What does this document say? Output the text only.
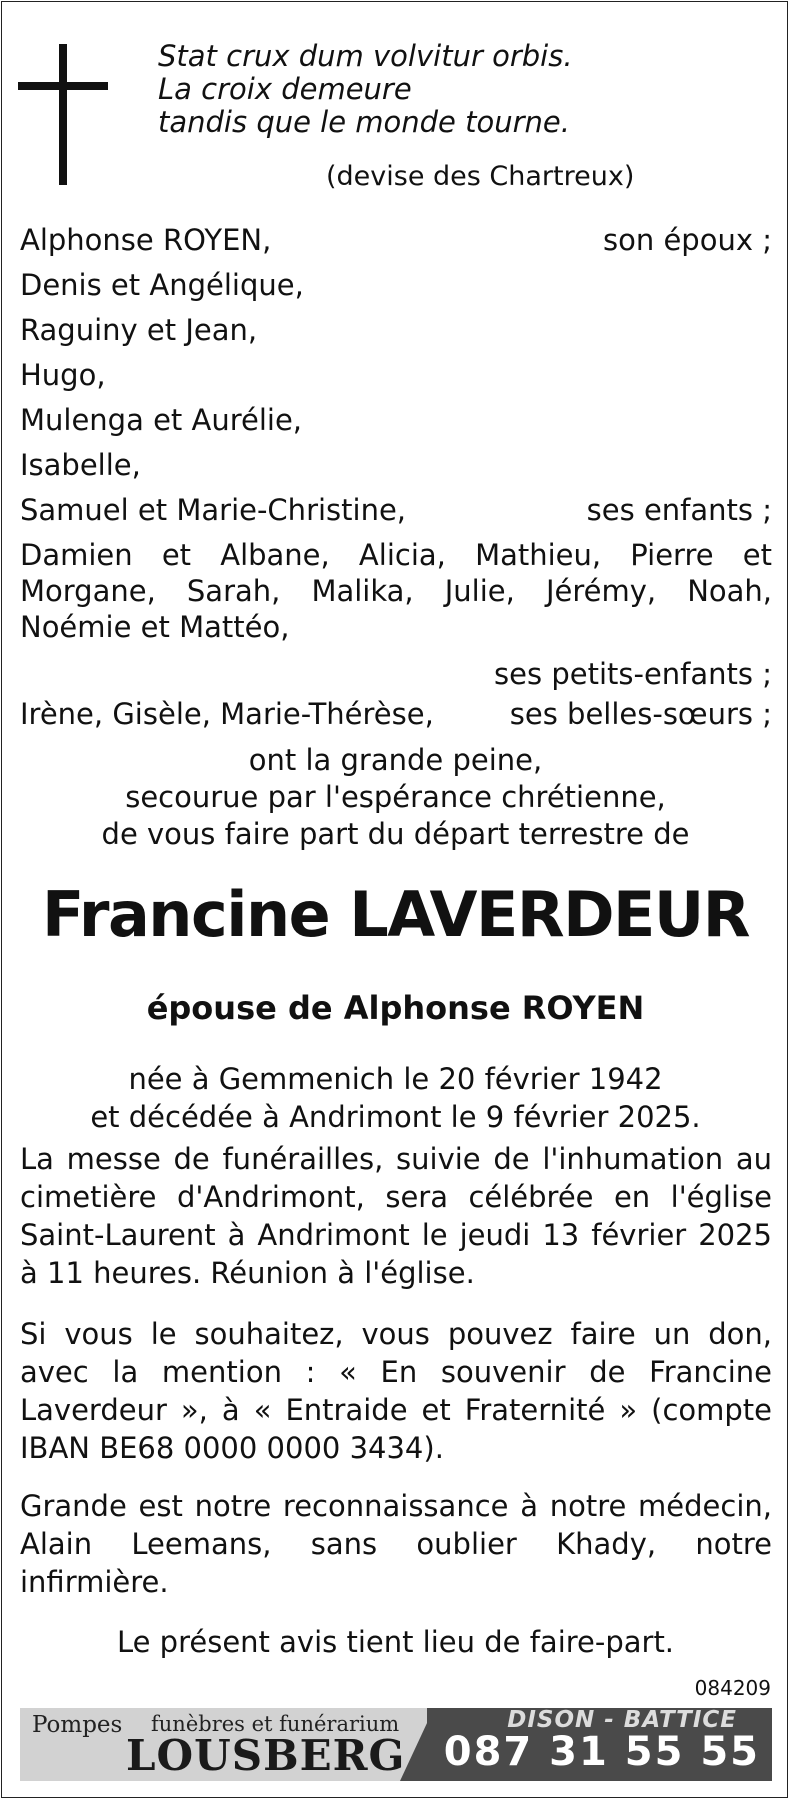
Stat crux dum volvitur orbis.
La croix demeure
tandis que le monde tourne.
(devise des Chartreux)
Alphonse ROYEN,	son époux ;
Denis et Angélique,
Raguiny et Jean,
Hugo,
Mulenga et Aurélie,
Isabelle,
Samuel et Marie-Christine,	ses enfants ;
Damien et Albane, Alicia, Mathieu, Pierre et Morgane, Sarah, Malika, Julie, Jérémy, Noah, Noémie et Mattéo,
ses petits-enfants ;
Irène, Gisèle, Marie-Thérèse,	ses belles-sœurs ;
ont la grande peine,
secourue par l'espérance chrétienne,
de vous faire part du départ terrestre de
Francine LAVERDEUR
épouse de Alphonse ROYEN
née à Gemmenich le 20 février 1942
et décédée à Andrimont le 9 février 2025.
La messe de funérailles, suivie de l'inhumation au cimetière d'Andrimont, sera célébrée en l'église Saint-Laurent à Andrimont le jeudi 13 février 2025 à 11 heures. Réunion à l'église.
Si vous le souhaitez, vous pouvez faire un don, avec la mention : « En souvenir de Francine Laverdeur », à « Entraide et Fraternité » (compte IBAN BE68 0000 0000 3434).
Grande est notre reconnaissance à notre médecin, Alain Leemans, sans oublier Khady, notre infirmière.
Le présent avis tient lieu de faire-part.
084209
Pompes funèbres et funérarium
LOUSBERG
DISON - BATTICE
087 31 55 55
